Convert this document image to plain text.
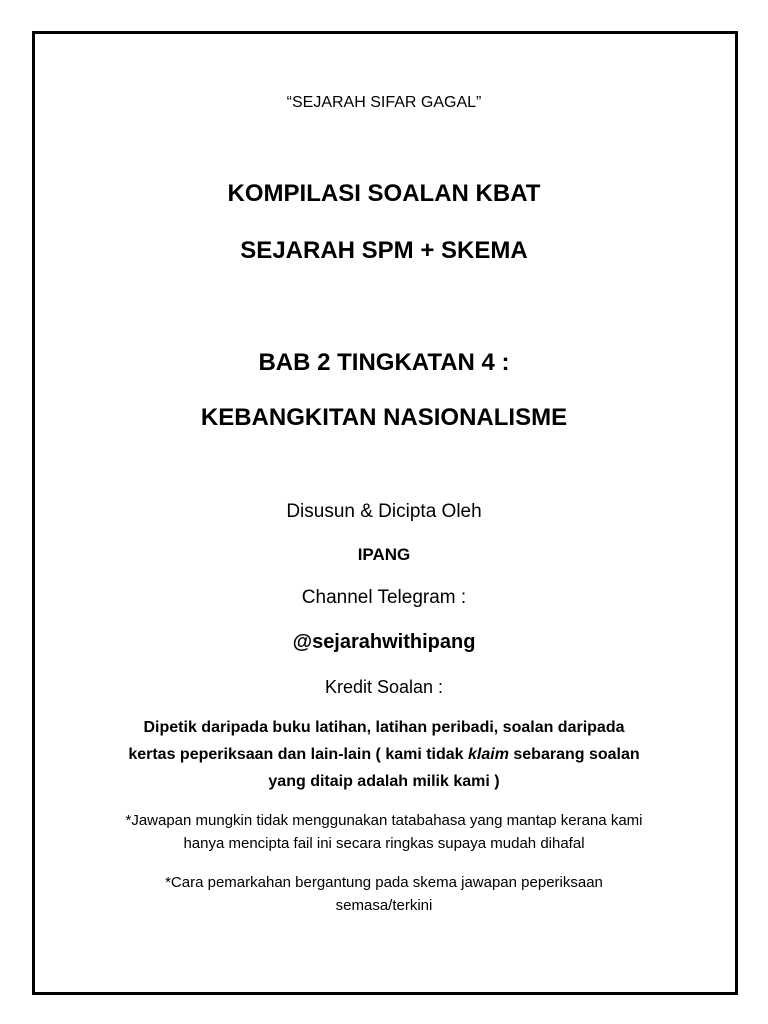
“SEJARAH SIFAR GAGAL”
KOMPILASI SOALAN KBAT
SEJARAH SPM + SKEMA
BAB 2 TINGKATAN 4 :
KEBANGKITAN NASIONALISME
Disusun & Dicipta Oleh
IPANG
Channel Telegram :
@sejarahwithipang
Kredit Soalan :
Dipetik daripada buku latihan, latihan peribadi, soalan daripada
kertas peperiksaan dan lain-lain ( kami tidak klaim sebarang soalan
yang ditaip adalah milik kami )
*Jawapan mungkin tidak menggunakan tatabahasa yang mantap kerana kami
hanya mencipta fail ini secara ringkas supaya mudah dihafal
*Cara pemarkahan bergantung pada skema jawapan peperiksaan
semasa/terkini
